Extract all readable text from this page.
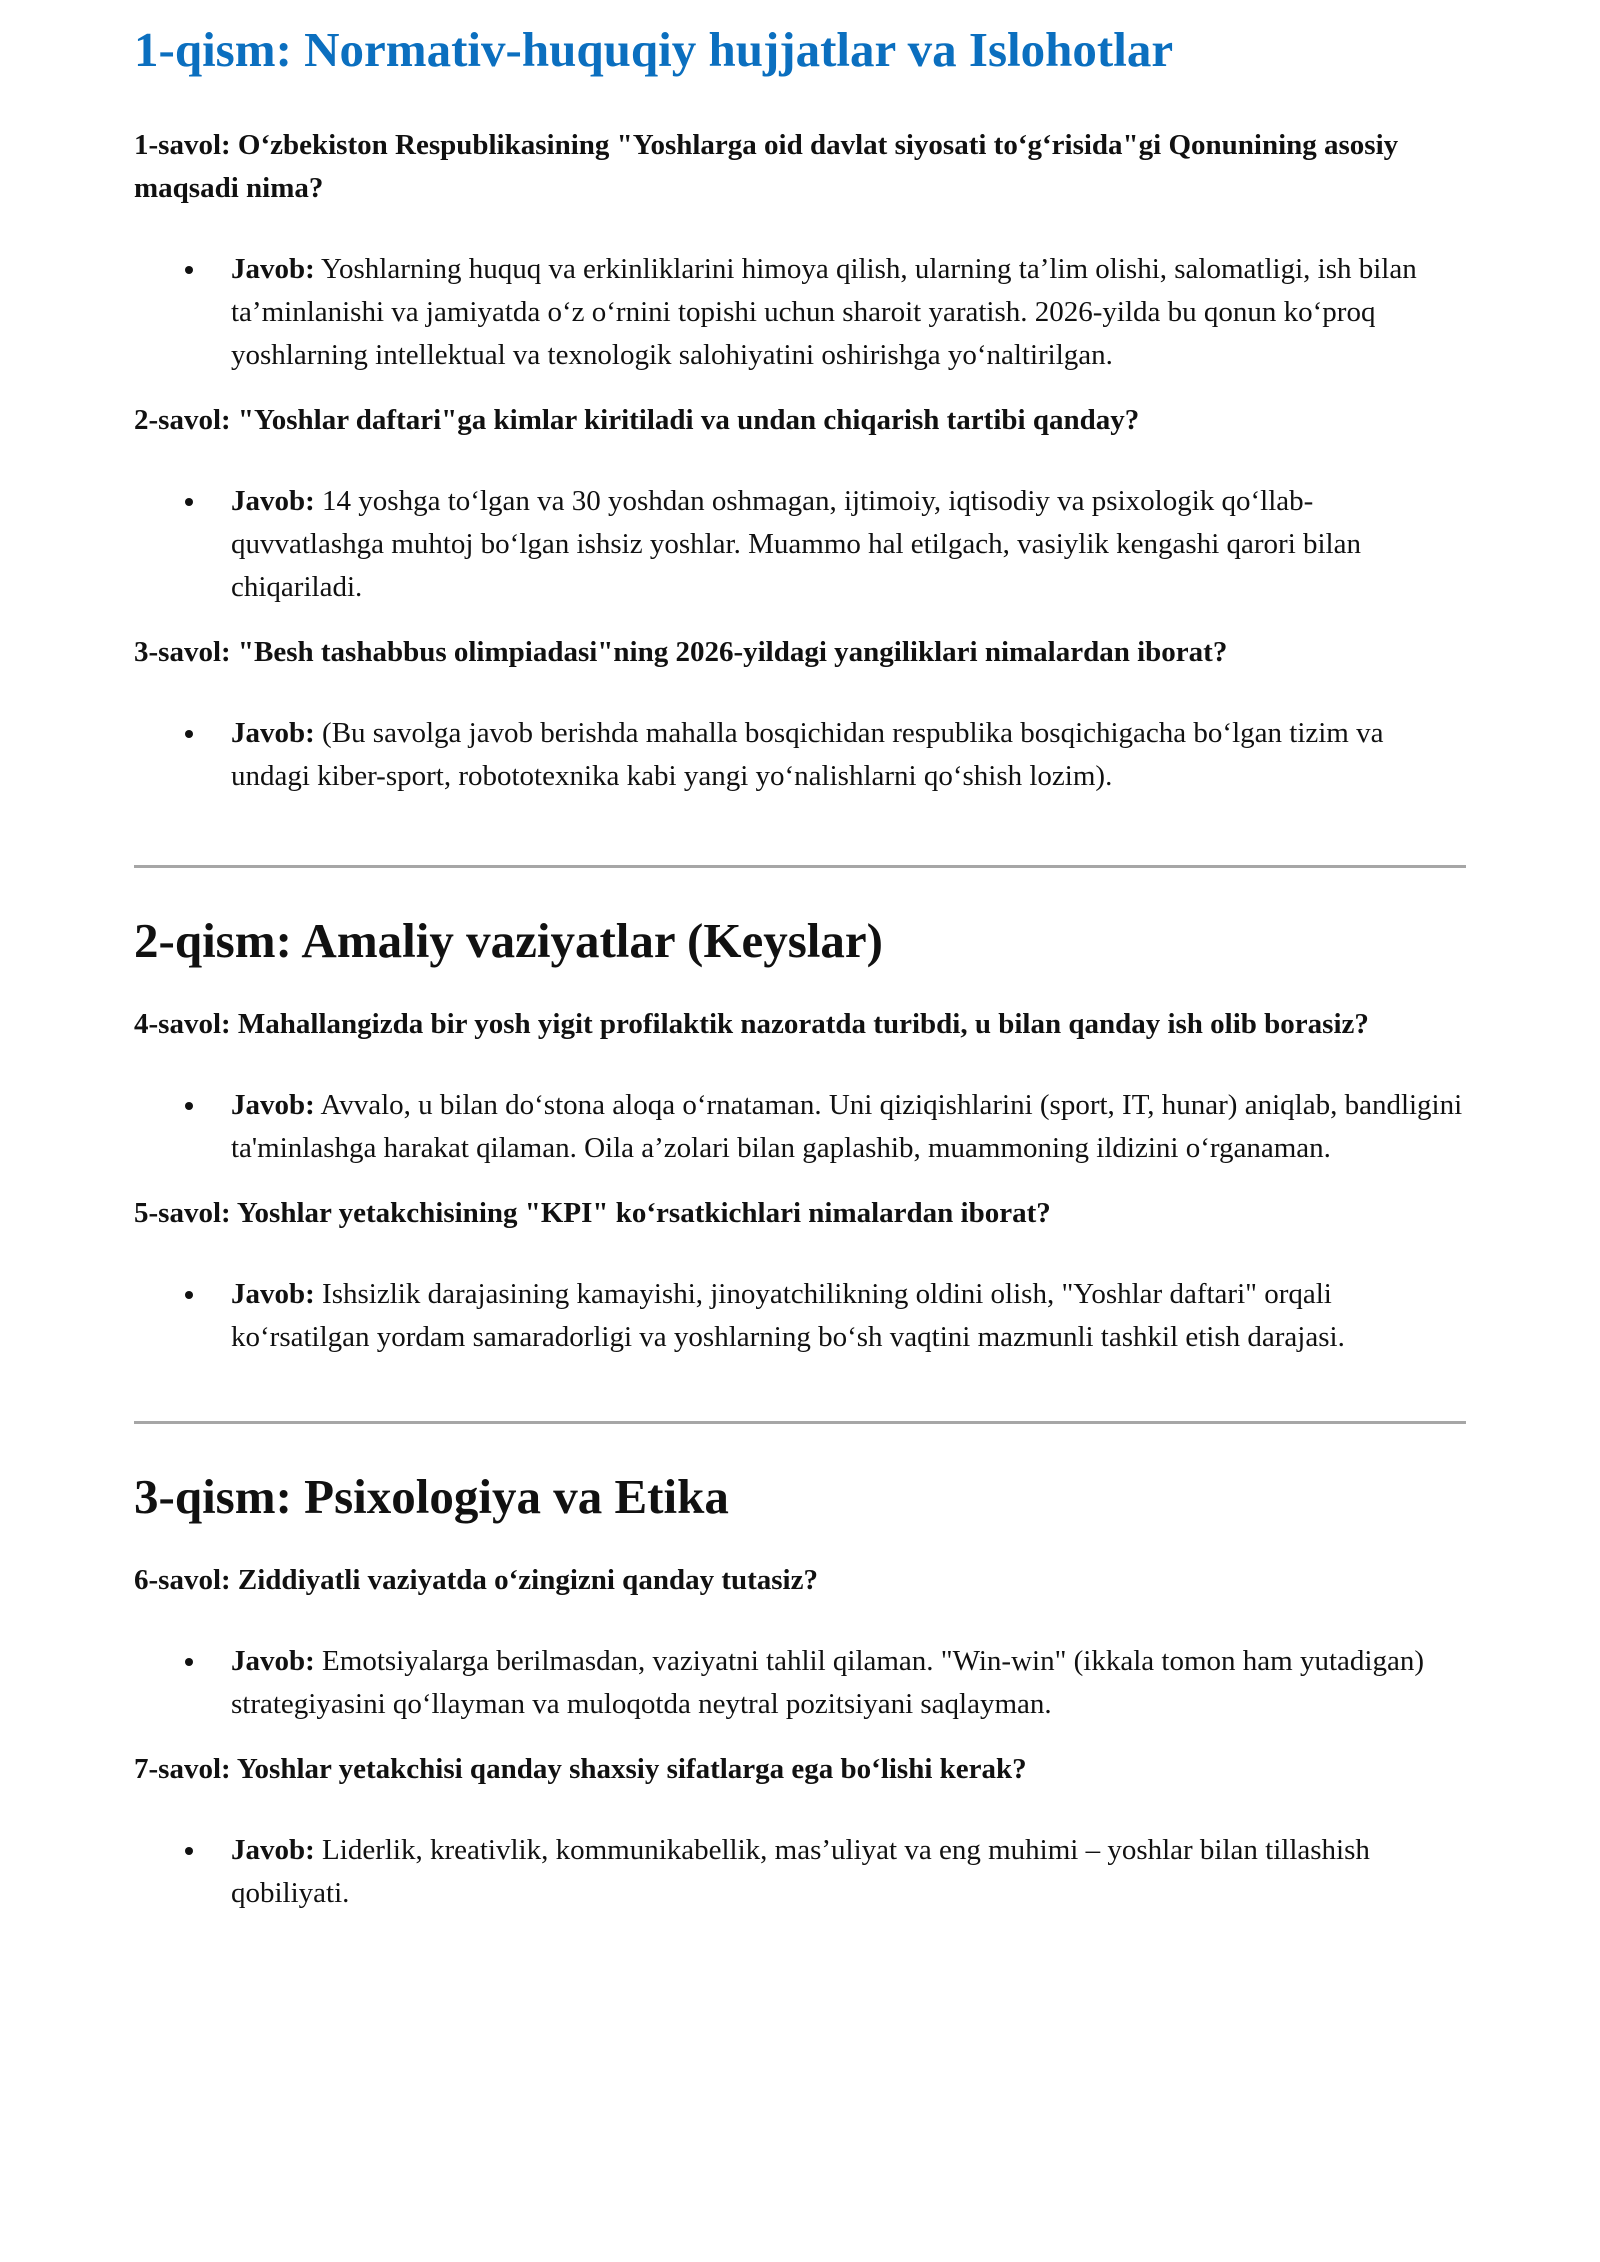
1-qism: Normativ-huquqiy hujjatlar va Islohotlar

1-savol: O‘zbekiston Respublikasining "Yoshlarga oid davlat siyosati to‘g‘risida"gi Qonunining asosiy maqsadi nima?

Javob: Yoshlarning huquq va erkinliklarini himoya qilish, ularning ta’lim olishi, salomatligi, ish bilan ta’minlanishi va jamiyatda o‘z o‘rnini topishi uchun sharoit yaratish. 2026-yilda bu qonun ko‘proq yoshlarning intellektual va texnologik salohiyatini oshirishga yo‘naltirilgan.

2-savol: "Yoshlar daftari"ga kimlar kiritiladi va undan chiqarish tartibi qanday?

Javob: 14 yoshga to‘lgan va 30 yoshdan oshmagan, ijtimoiy, iqtisodiy va psixologik qo‘llab-quvvatlashga muhtoj bo‘lgan ishsiz yoshlar. Muammo hal etilgach, vasiylik kengashi qarori bilan chiqariladi.

3-savol: "Besh tashabbus olimpiadasi"ning 2026-yildagi yangiliklari nimalardan iborat?

Javob: (Bu savolga javob berishda mahalla bosqichidan respublika bosqichigacha bo‘lgan tizim va undagi kiber-sport, robototexnika kabi yangi yo‘nalishlarni qo‘shish lozim).
2-qism: Amaliy vaziyatlar (Keyslar)

4-savol: Mahallangizda bir yosh yigit profilaktik nazoratda turibdi, u bilan qanday ish olib borasiz?

Javob: Avvalo, u bilan do‘stona aloqa o‘rnataman. Uni qiziqishlarini (sport, IT, hunar) aniqlab, bandligini ta'minlashga harakat qilaman. Oila a’zolari bilan gaplashib, muammoning ildizini o‘rganaman.

5-savol: Yoshlar yetakchisining "KPI" ko‘rsatkichlari nimalardan iborat?

Javob: Ishsizlik darajasining kamayishi, jinoyatchilikning oldini olish, "Yoshlar daftari" orqali ko‘rsatilgan yordam samaradorligi va yoshlarning bo‘sh vaqtini mazmunli tashkil etish darajasi.
3-qism: Psixologiya va Etika

6-savol: Ziddiyatli vaziyatda o‘zingizni qanday tutasiz?

Javob: Emotsiyalarga berilmasdan, vaziyatni tahlil qilaman. "Win-win" (ikkala tomon ham yutadigan) strategiyasini qo‘llayman va muloqotda neytral pozitsiyani saqlayman.

7-savol: Yoshlar yetakchisi qanday shaxsiy sifatlarga ega bo‘lishi kerak?

Javob: Liderlik, kreativlik, kommunikabellik, mas’uliyat va eng muhimi – yoshlar bilan tillashish qobiliyati.
